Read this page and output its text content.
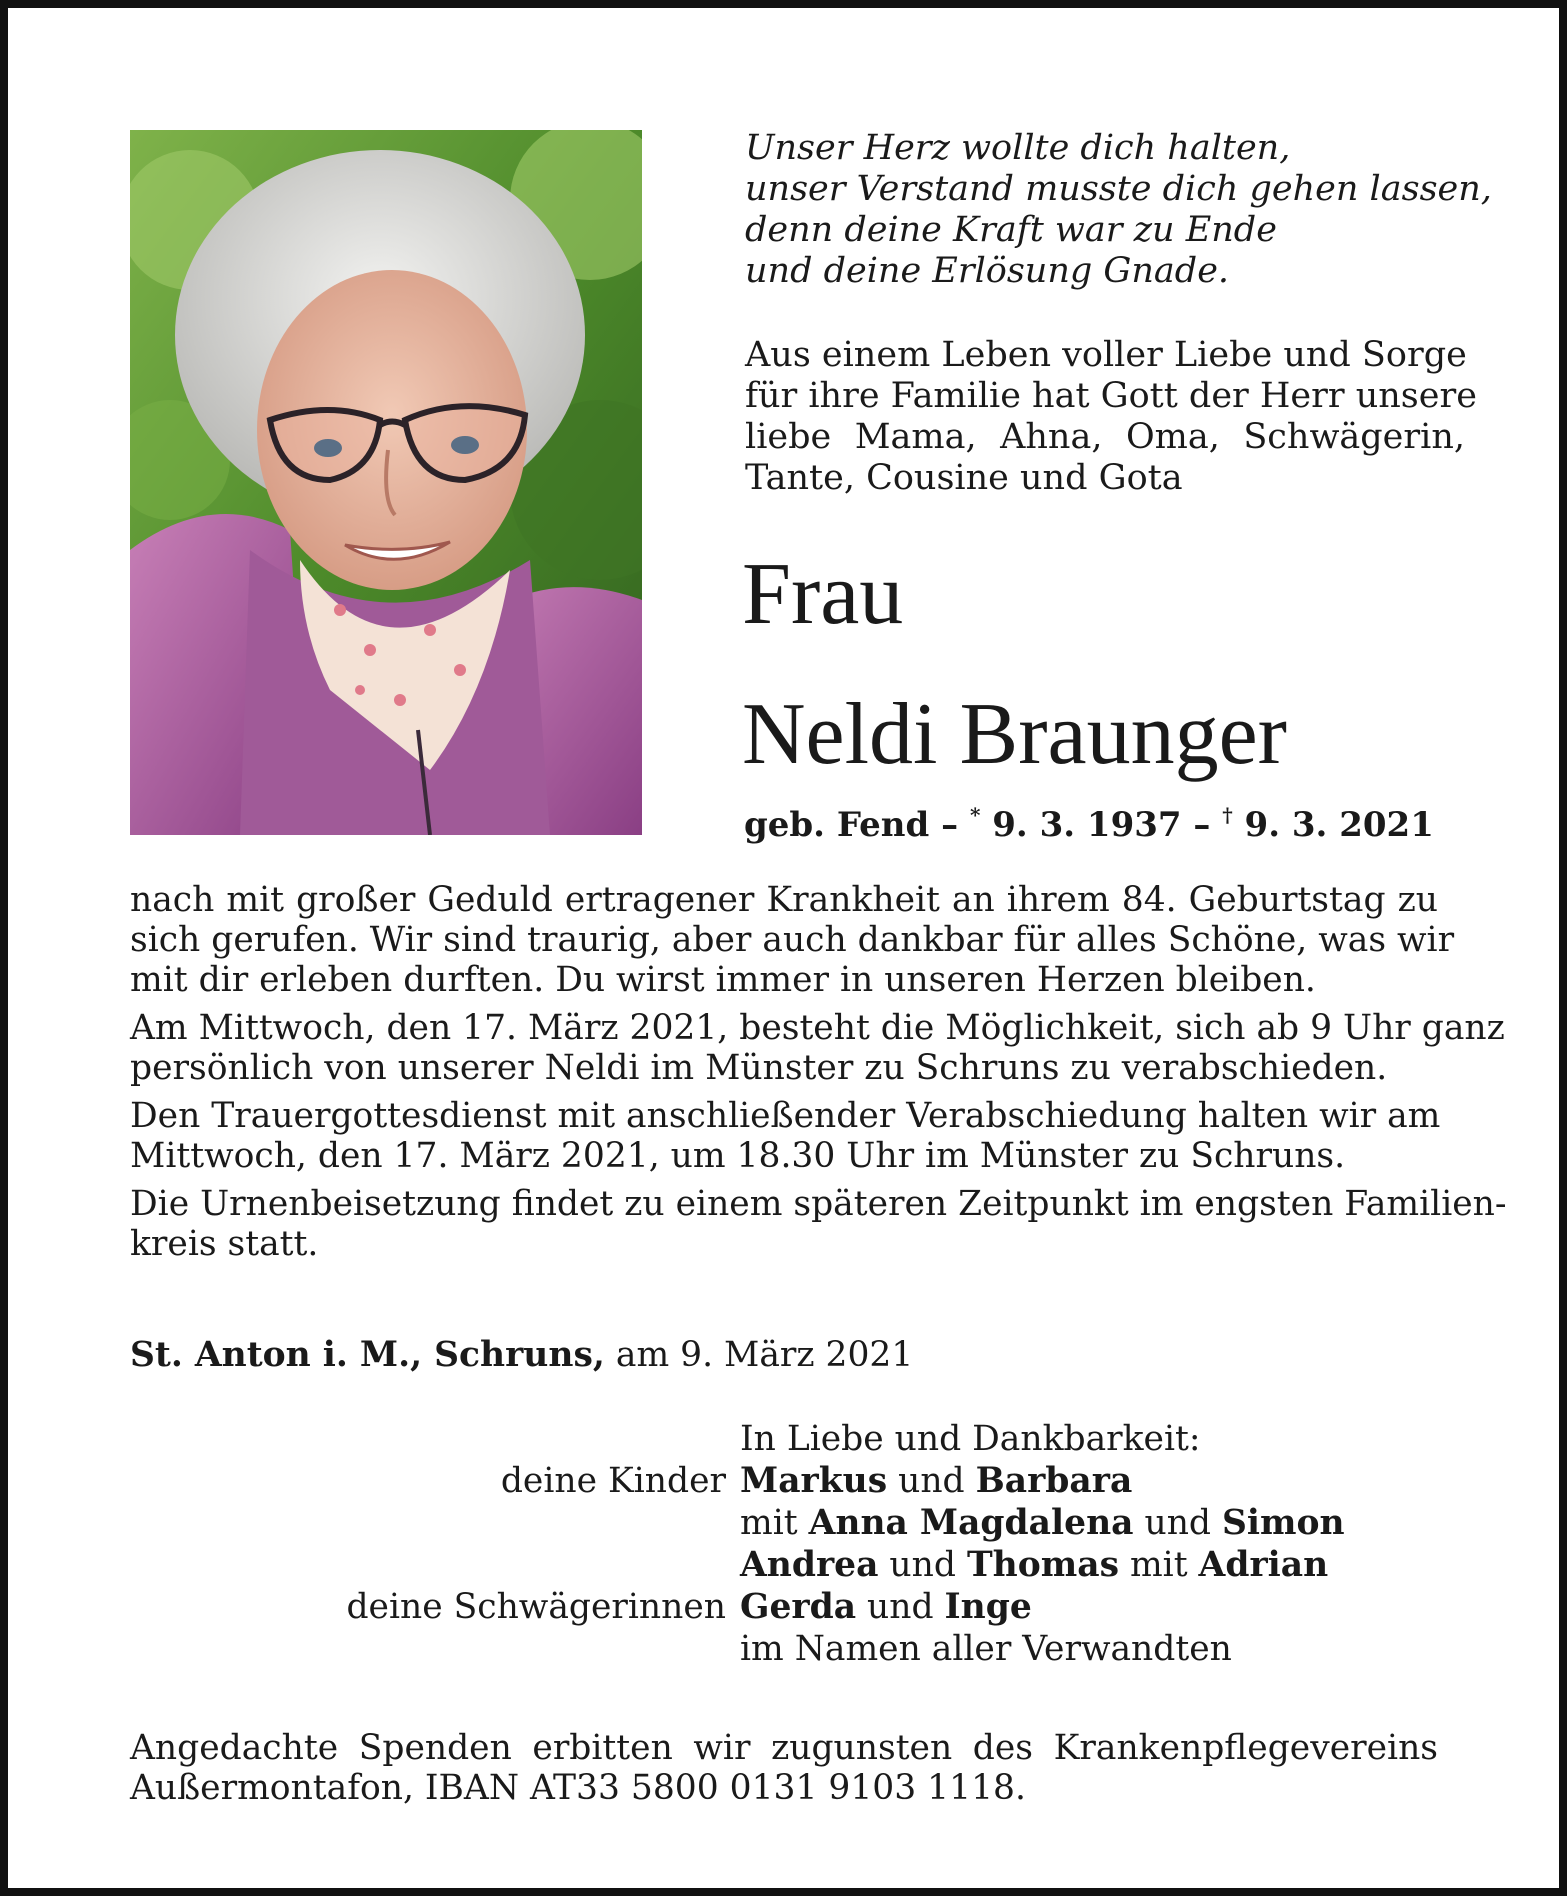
Unser Herz wollte dich halten,
unser Verstand musste dich gehen lassen,
denn deine Kraft war zu Ende
und deine Erlösung Gnade.
Aus einem Leben voller Liebe und Sorge
für ihre Familie hat Gott der Herr unsere
liebe Mama, Ahna, Oma, Schwägerin,
Tante, Cousine und Gota
Frau
Neldi Braunger
geb. Fend – * 9. 3. 1937 – † 9. 3. 2021

nach mit großer Geduld ertragener Krankheit an ihrem 84. Geburtstag zu
sich gerufen. Wir sind traurig, aber auch dankbar für alles Schöne, was wir
mit dir erleben durften. Du wirst immer in unseren Herzen bleiben.

Am Mittwoch, den 17. März 2021, besteht die Möglichkeit, sich ab 9 Uhr ganz
persönlich von unserer Neldi im Münster zu Schruns zu verabschieden.

Den Trauergottesdienst mit anschließender Verabschiedung halten wir am
Mittwoch, den 17. März 2021, um 18.30 Uhr im Münster zu Schruns.

Die Urnenbeisetzung findet zu einem späteren Zeitpunkt im engsten Familien-
kreis statt.

St. Anton i. M., Schruns, am 9. März 2021
In Liebe und Dankbarkeit:
deine Kinder Markus und Barbara
mit Anna Magdalena und Simon
Andrea und Thomas mit Adrian
deine Schwägerinnen Gerda und Inge
im Namen aller Verwandten
Angedachte Spenden erbitten wir zugunsten des Krankenpflegevereins
Außermontafon, IBAN AT33 5800 0131 9103 1118.
